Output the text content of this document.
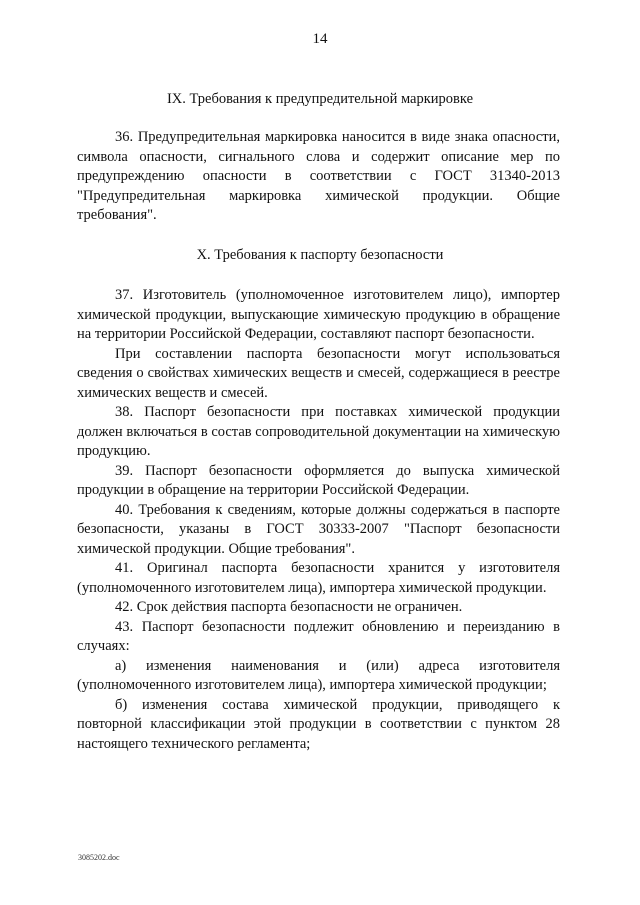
14
IX. Требования к предупредительной маркировке

36. Предупредительная маркировка наносится в виде знака опасности, символа опасности, сигнального слова и содержит описание мер по предупреждению опасности в соответствии с ГОСТ 31340-2013 "Предупредительная маркировка химической продукции. Общие требования".

X. Требования к паспорту безопасности

37. Изготовитель (уполномоченное изготовителем лицо), импортер химической продукции, выпускающие химическую продукцию в обращение на территории Российской Федерации, составляют паспорт безопасности.

При составлении паспорта безопасности могут использоваться сведения о свойствах химических веществ и смесей, содержащиеся в реестре химических веществ и смесей.

38. Паспорт безопасности при поставках химической продукции должен включаться в состав сопроводительной документации на химическую продукцию.

39. Паспорт безопасности оформляется до выпуска химической продукции в обращение на территории Российской Федерации.

40. Требования к сведениям, которые должны содержаться в паспорте безопасности, указаны в ГОСТ 30333-2007 "Паспорт безопасности химической продукции. Общие требования".

41. Оригинал паспорта безопасности хранится у изготовителя (уполномоченного изготовителем лица), импортера химической продукции.

42. Срок действия паспорта безопасности не ограничен.

43. Паспорт безопасности подлежит обновлению и переизданию в случаях:

а) изменения наименования и (или) адреса изготовителя (уполномоченного изготовителем лица), импортера химической продукции;

б) изменения состава химической продукции, приводящего к повторной классификации этой продукции в соответствии с пунктом 28 настоящего технического регламента;

3085202.doc
